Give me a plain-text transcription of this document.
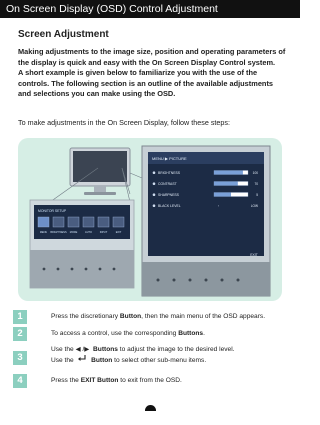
On Screen Display (OSD) Control Adjustment
Screen Adjustment

Making adjustments to the image size, position and operating parameters of the display is quick and easy with the On Screen Display Control system.

A short example is given below to familiarize you with the use of the controls. The following section is an outline of the available adjustments and selections you can make using the OSD.

To make adjustments in the On Screen Display, follow these steps:
MONITOR SETUP
MENU BRIGHTNESS MODE	AUTO	INPUT	EXIT
MENU ▶ PICTURE
BRIGHTNESS	100
CONTRAST	70
SHARPNESS	5
BLACK LEVEL	‹	LOW
EXIT
1	Press the discretionary Button, then the main menu of the OSD appears.
2	To access a control, use the corresponding Buttons.
3
Use the ◀ /▶ Buttons to adjust the image to the desired level.
Use the    Button to select other sub-menu items.
4	Press the EXIT Button to exit from the OSD.
